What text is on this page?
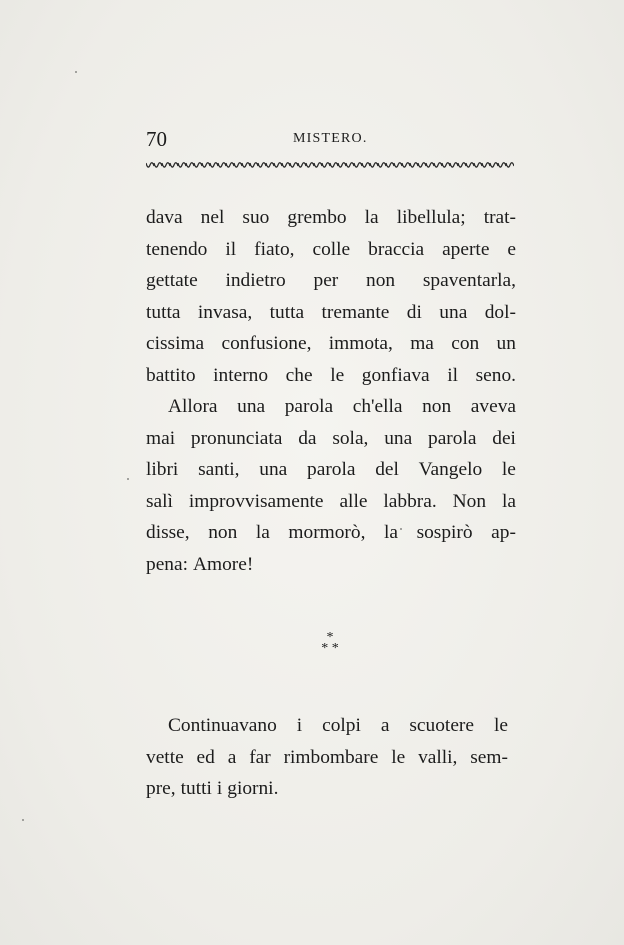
70	MISTERO.
dava nel suo grembo la libellula; trat-
tenendo il fiato, colle braccia aperte e
gettate indietro per non spaventarla,
tutta invasa, tutta tremante di una dol-
cissima confusione, immota, ma con un
battito interno che le gonfiava il seno.
Allora una parola ch'ella non aveva
mai pronunciata da sola, una parola dei
libri santi, una parola del Vangelo le
salì improvvisamente alle labbra. Non la
disse, non la mormorò, la sospirò ap-
pena: Amore!
*
* *
Continuavano i colpi a scuotere le
vette ed a far rimbombare le valli, sem-
pre, tutti i giorni.
